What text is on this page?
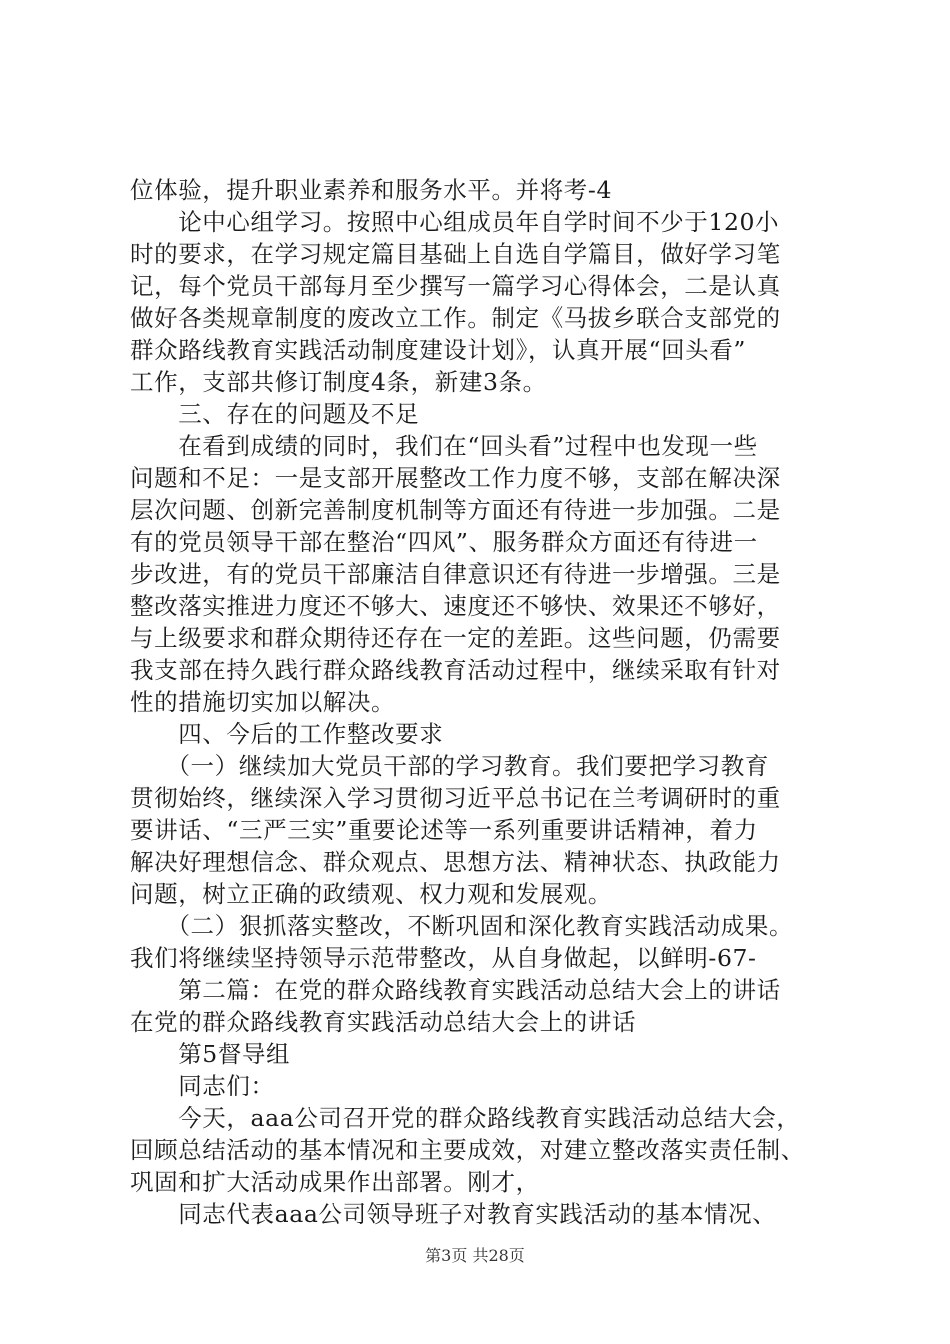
位体验，提升职业素养和服务水平。并将考-4
　　论中心组学习。按照中心组成员年自学时间不少于120小
时的要求，在学习规定篇目基础上自选自学篇目，做好学习笔
记，每个党员干部每月至少撰写一篇学习心得体会，二是认真
做好各类规章制度的废改立工作。制定《马拔乡联合支部党的
群众路线教育实践活动制度建设计划》，认真开展“回头看”
工作，支部共修订制度4条，新建3条。
　　三、存在的问题及不足
　　在看到成绩的同时，我们在“回头看”过程中也发现一些
问题和不足：一是支部开展整改工作力度不够，支部在解决深
层次问题、创新完善制度机制等方面还有待进一步加强。二是
有的党员领导干部在整治“四风”、服务群众方面还有待进一
步改进，有的党员干部廉洁自律意识还有待进一步增强。三是
整改落实推进力度还不够大、速度还不够快、效果还不够好，
与上级要求和群众期待还存在一定的差距。这些问题，仍需要
我支部在持久践行群众路线教育活动过程中，继续采取有针对
性的措施切实加以解决。
　　四、今后的工作整改要求
　　（一）继续加大党员干部的学习教育。我们要把学习教育
贯彻始终，继续深入学习贯彻习近平总书记在兰考调研时的重
要讲话、“三严三实”重要论述等一系列重要讲话精神，着力
解决好理想信念、群众观点、思想方法、精神状态、执政能力
问题，树立正确的政绩观、权力观和发展观。
　　（二）狠抓落实整改，不断巩固和深化教育实践活动成果。
我们将继续坚持领导示范带整改，从自身做起，以鲜明-67-
　　第二篇：在党的群众路线教育实践活动总结大会上的讲话
在党的群众路线教育实践活动总结大会上的讲话
　　第5督导组
　　同志们：
　　今天，aaa公司召开党的群众路线教育实践活动总结大会，
回顾总结活动的基本情况和主要成效，对建立整改落实责任制、
巩固和扩大活动成果作出部署。刚才，
　　同志代表aaa公司领导班子对教育实践活动的基本情况、
第3页 共28页
